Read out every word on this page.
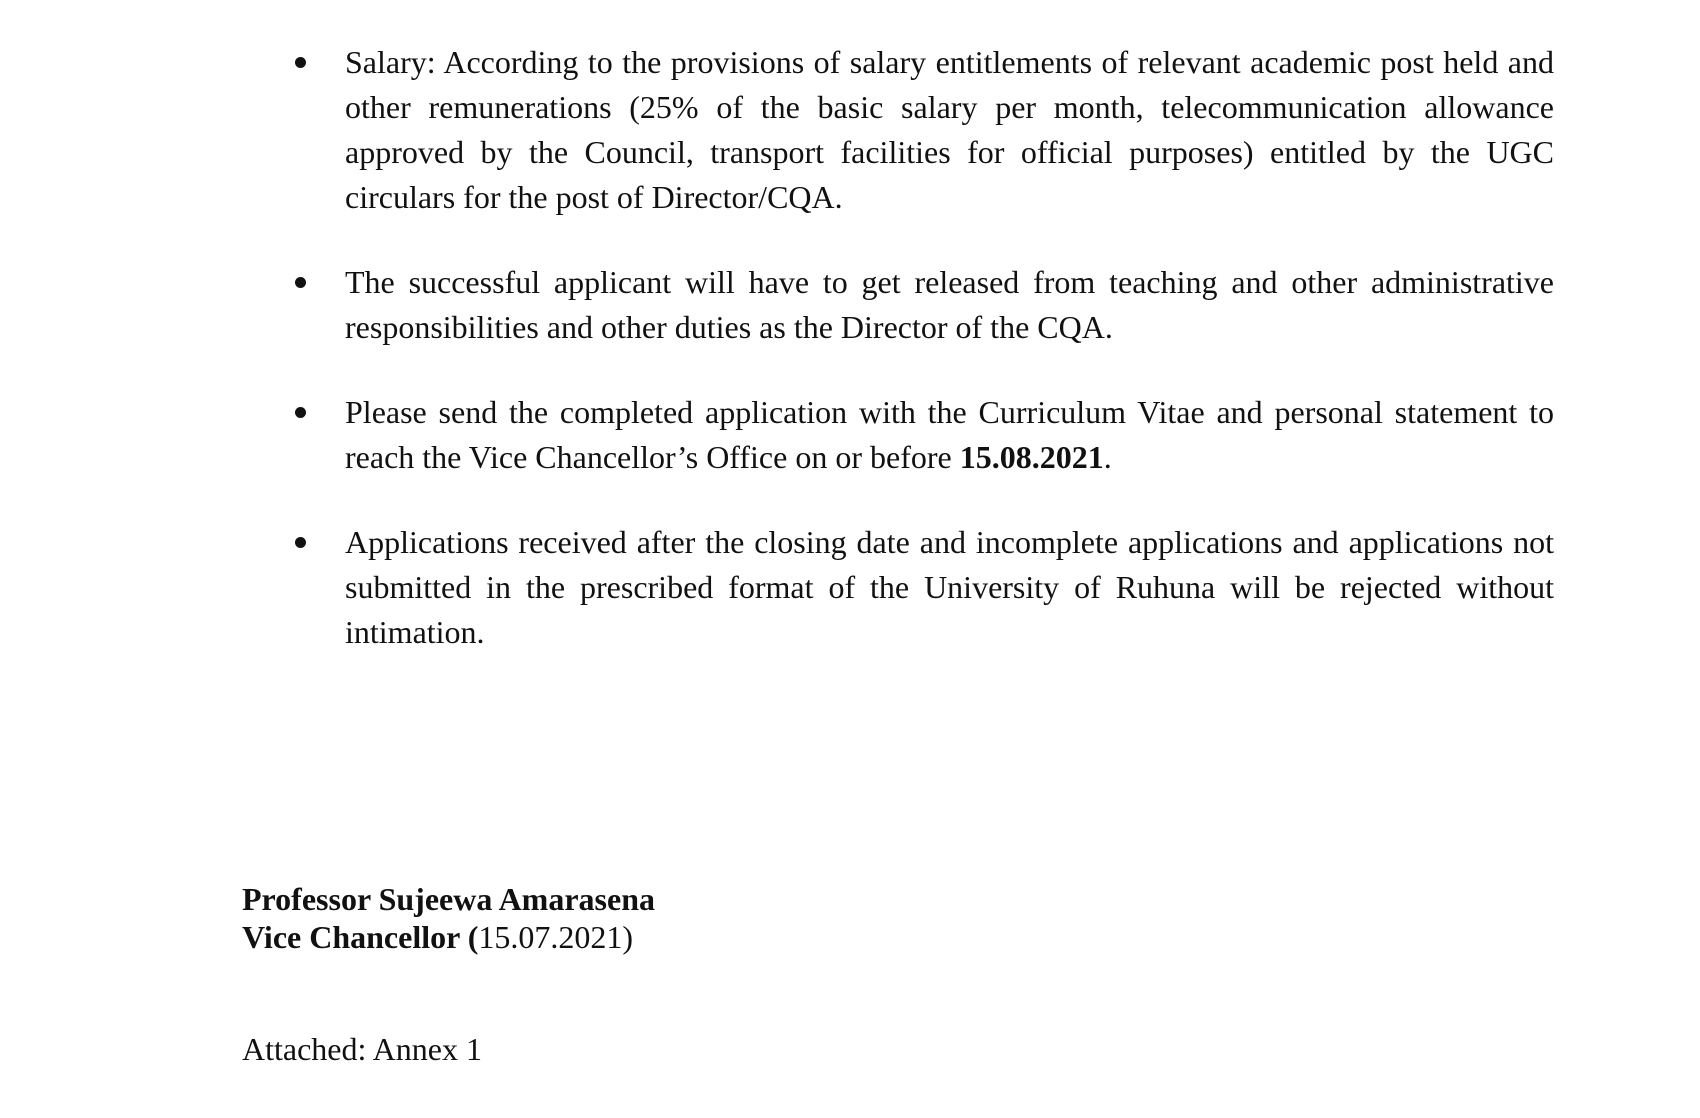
Salary: According to the provisions of salary entitlements of relevant academic post held and other remunerations (25% of the basic salary per month, telecommunication allowance approved by the Council, transport facilities for official purposes) entitled by the UGC circulars for the post of Director/CQA.
The successful applicant will have to get released from teaching and other administrative responsibilities and other duties as the Director of the CQA.
Please send the completed application with the Curriculum Vitae and personal statement to reach the Vice Chancellor’s Office on or before 15.08.2021.
Applications received after the closing date and incomplete applications and applications not submitted in the prescribed format of the University of Ruhuna will be rejected without intimation.
Professor Sujeewa Amarasena
Vice Chancellor (15.07.2021)
Attached: Annex 1
